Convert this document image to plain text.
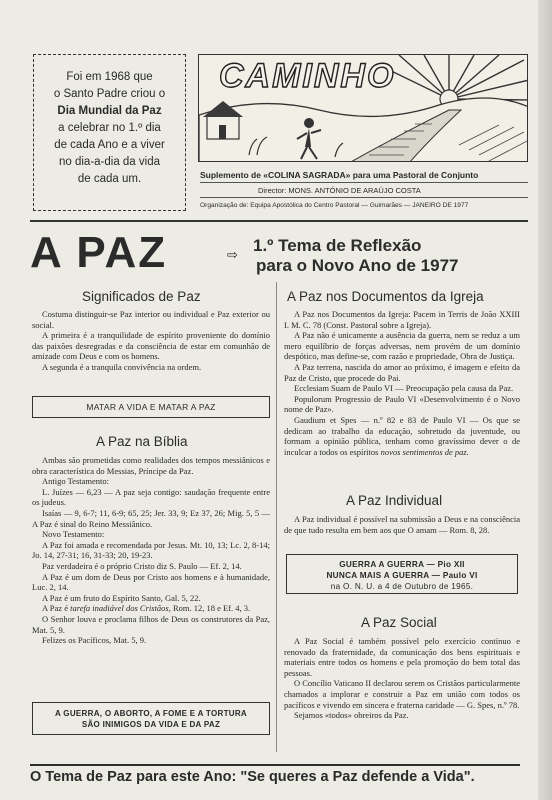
Foi em 1968 que
o Santo Padre criou o
Dia Mundial da Paz
a celebrar no 1.º dia
de cada Ano e a viver
no dia-a-dia da vida
de cada um.
CAMINHO
Suplemento de «COLINA SAGRADA» para uma Pastoral de Conjunto
Director: MONS. ANTÓNIO DE ARAÚJO COSTA
Organização de: Equipa Apostólica do Centro Pastoral — Guimarães — JANEIRO DE 1977
A PAZ	⇨
1.º Tema de Reflexão
para o Novo Ano de 1977
Significados de Paz

Costuma distinguir-se Paz interior ou individual e Paz exterior ou social.

A primeira é a tranquilidade de espírito proveniente do domínio das paixões desregradas e da consciência de estar em comunhão de amizade com Deus e com os homens.

A segunda é a tranquila convivência na ordem.

MATAR A VIDA E MATAR A PAZ
A Paz na Bíblia

Ambas são prometidas como realidades dos tempos messiânicos e obra característica do Messias, Príncipe da Paz.

Antigo Testamento:

L. Juízes — 6,23 — A paz seja contigo: saudação frequente entre os judeus.

Isaías — 9, 6-7; 11, 6-9; 65, 25; Jer. 33, 9; Ez 37, 26; Mig. 5, 5 — A Paz é sinal do Reino Messiânico.

Novo Testamento:

A Paz foi amada e recomendada por Jesus. Mt. 10, 13; Lc. 2, 8-14; Jo. 14, 27-31; 16, 31-33; 20, 19-23.

Paz verdadeira é o próprio Cristo diz S. Paulo — Ef. 2, 14.

A Paz é um dom de Deus por Cristo aos homens e à humanidade, Luc. 2, 14.

A Paz é um fruto do Espírito Santo, Gal. 5, 22.

A Paz é tarefa inadiável dos Cristãos, Rom. 12, 18 e Ef. 4, 3.

O Senhor louva e proclama filhos de Deus os construtores da Paz, Mat. 5, 9.

Felizes os Pacíficos, Mat. 5, 9.

A GUERRA, O ABORTO, A FOME E A TORTURA
SÃO INIMIGOS DA VIDA E DA PAZ
A Paz nos Documentos da Igreja

A Paz nos Documentos da Igreja: Pacem in Terris de João XXIII I. M. C. 78 (Const. Pastoral sobre a Igreja).

A Paz não é unicamente a ausência da guerra, nem se reduz a um mero equilíbrio de forças adversas, nem provém de um domínio despótico, mas define-se, com razão e propriedade, Obra de Justiça.

A Paz terrena, nascida do amor ao próximo, é imagem e efeito da Paz de Cristo, que procede do Pai.

Ecclesiam Suam de Paulo VI — Preocupação pela causa da Paz.

Populorum Progressio de Paulo VI «Desenvolvimento é o Novo nome de Paz».

Gaudium et Spes — n.º 82 e 83 de Paulo VI — Os que se dedicam ao trabalho da educação, sobretudo da juventude, ou formam a opinião pública, tenham como gravíssimo dever o de inculcar a todos os espíritos novos sentimentos de paz.

A Paz Individual

A Paz individual é possível na submissão a Deus e na consciência de que tudo resulta em bem aos que O amam — Rom. 8, 28.

GUERRA A GUERRA — Pio XII
NUNCA MAIS A GUERRA — Paulo VI
na O. N. U. a 4 de Outubro de 1965.
A Paz Social

A Paz Social é também possível pelo exercício contínuo e renovado da fraternidade, da comunicação dos bens espirituais e materiais entre todos os homens e pela promoção do bem total das pessoas.

O Concílio Vaticano II declarou serem os Cristãos particularmente chamados a implorar e construir a Paz em união com todos os pacíficos e vivendo em sincera e fraterna caridade — G. Spes, n.º 78.

Sejamos «todos» obreiros da Paz.

O Tema de Paz para este Ano: "Se queres a Paz defende a Vida".
